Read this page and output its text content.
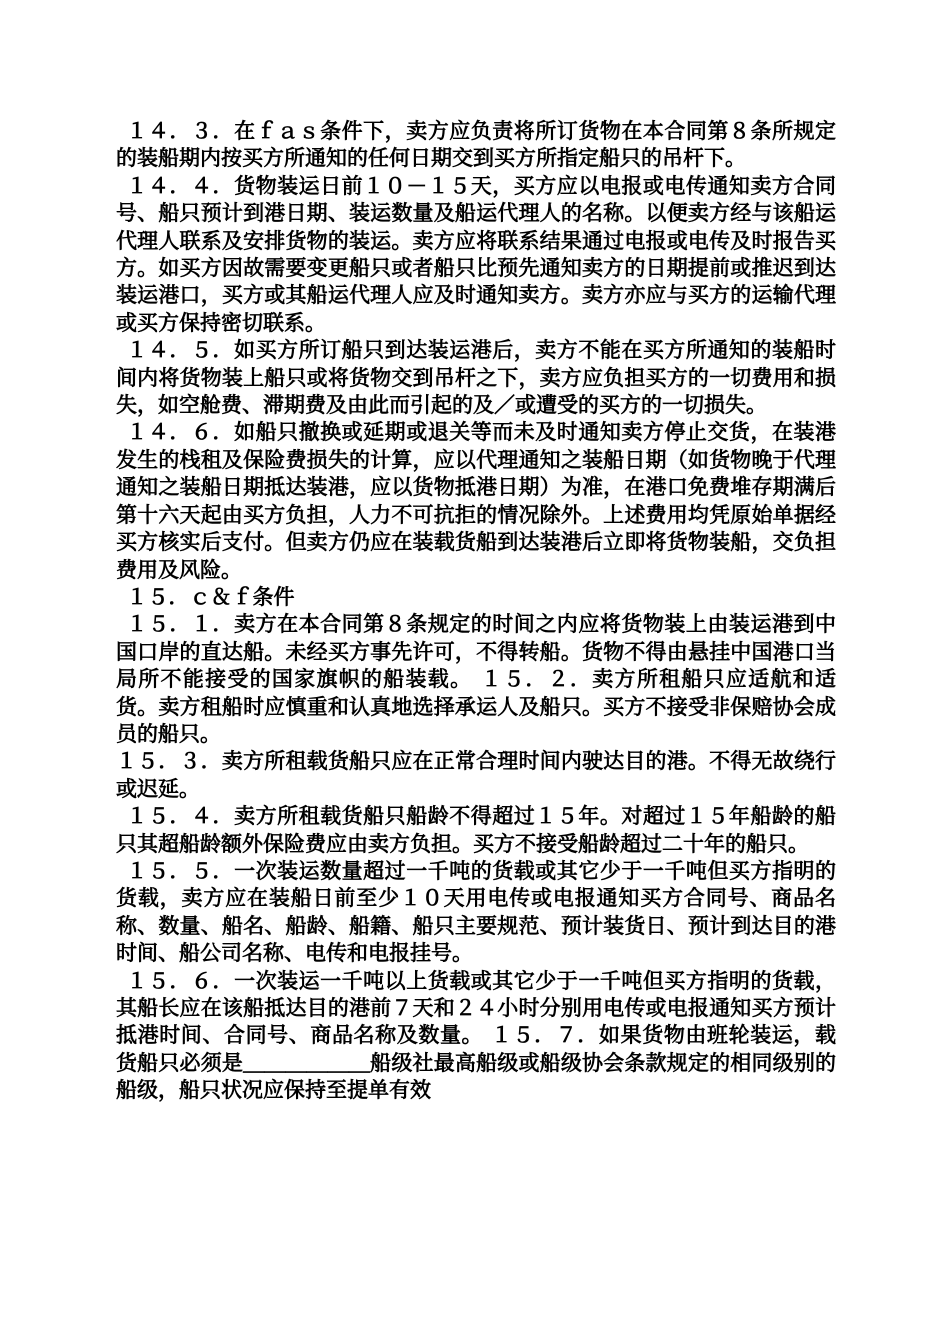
１４．３．在ｆａｓ条件下，卖方应负责将所订货物在本合同第８条所规定的装船期内按买方所通知的任何日期交到买方所指定船只的吊杆下。

１４．４．货物装运日前１０－１５天，买方应以电报或电传通知卖方合同号、船只预计到港日期、装运数量及船运代理人的名称。以便卖方经与该船运代理人联系及安排货物的装运。卖方应将联系结果通过电报或电传及时报告买方。如买方因故需要变更船只或者船只比预先通知卖方的日期提前或推迟到达装运港口，买方或其船运代理人应及时通知卖方。卖方亦应与买方的运输代理或买方保持密切联系。

１４．５．如买方所订船只到达装运港后，卖方不能在买方所通知的装船时间内将货物装上船只或将货物交到吊杆之下，卖方应负担买方的一切费用和损失，如空舱费、滞期费及由此而引起的及／或遭受的买方的一切损失。

１４．６．如船只撤换或延期或退关等而未及时通知卖方停止交货，在装港发生的栈租及保险费损失的计算，应以代理通知之装船日期（如货物晚于代理通知之装船日期抵达装港，应以货物抵港日期）为准，在港口免费堆存期满后第十六天起由买方负担，人力不可抗拒的情况除外。上述费用均凭原始单据经买方核实后支付。但卖方仍应在装载货船到达装港后立即将货物装船，交负担费用及风险。

１５．ｃ＆ｆ条件

１５．１．卖方在本合同第８条规定的时间之内应将货物装上由装运港到中国口岸的直达船。未经买方事先许可，不得转船。货物不得由悬挂中国港口当局所不能接受的国家旗帜的船装载。 １５．２．卖方所租船只应适航和适货。卖方租船时应慎重和认真地选择承运人及船只。买方不接受非保赔协会成员的船只。

１５．３．卖方所租载货船只应在正常合理时间内驶达目的港。不得无故绕行或迟延。

１５．４．卖方所租载货船只船龄不得超过１５年。对超过１５年船龄的船只其超船龄额外保险费应由卖方负担。买方不接受船龄超过二十年的船只。

１５．５．一次装运数量超过一千吨的货载或其它少于一千吨但买方指明的货载，卖方应在装船日前至少１０天用电传或电报通知买方合同号、商品名称、数量、船名、船龄、船籍、船只主要规范、预计装货日、预计到达目的港时间、船公司名称、电传和电报挂号。

１５．６．一次装运一千吨以上货载或其它少于一千吨但买方指明的货载，其船长应在该船抵达目的港前７天和２４小时分别用电传或电报通知买方预计抵港时间、合同号、商品名称及数量。 １５．７．如果货物由班轮装运，载货船只必须是＿＿＿＿＿＿船级社最高船级或船级协会条款规定的相同级别的船级，船只状况应保持至提单有效
